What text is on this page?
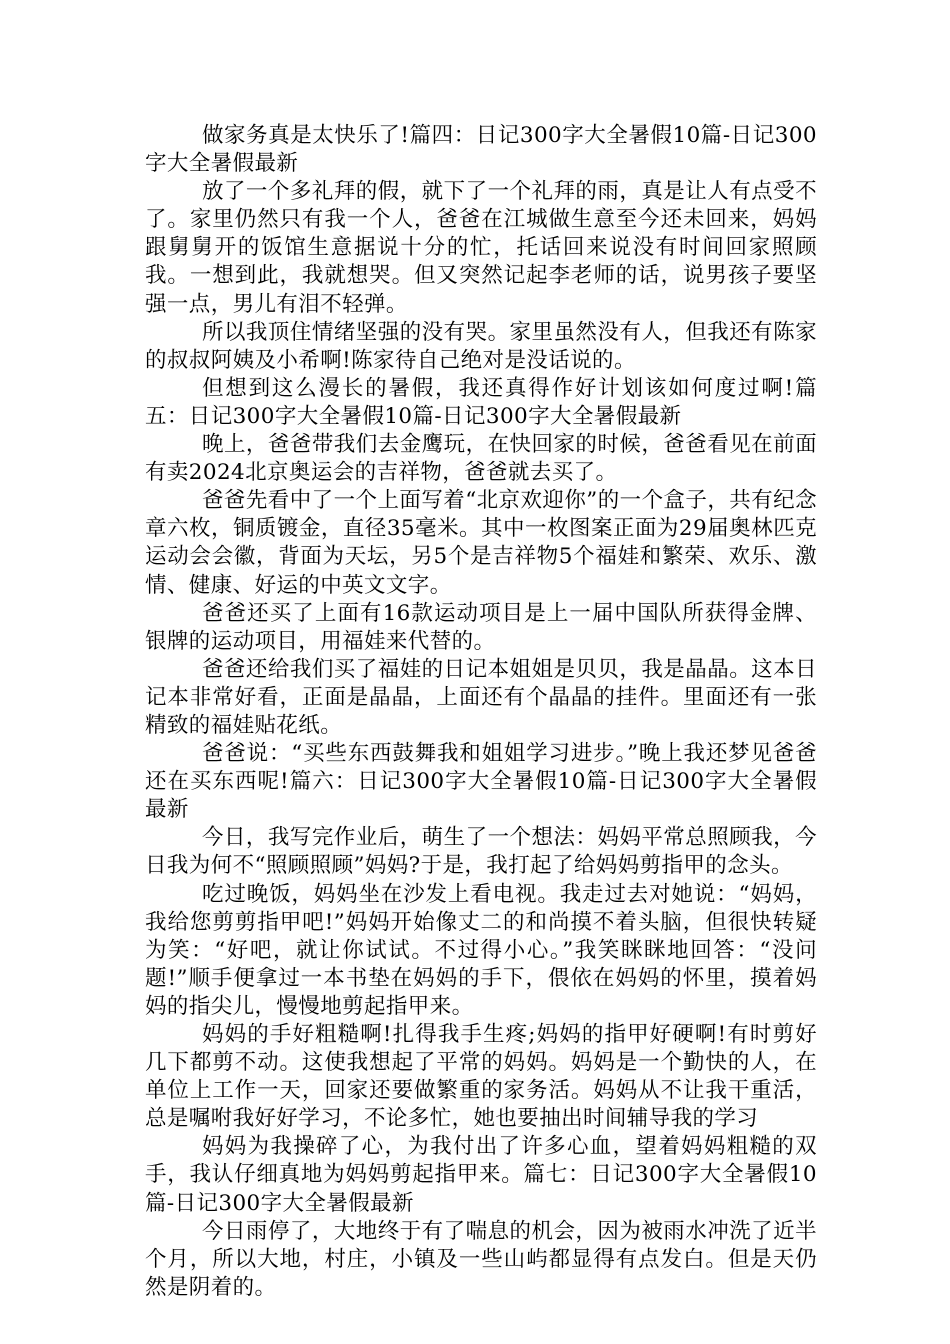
做家务真是太快乐了!篇四：日记300字大全暑假10篇-日记300字大全暑假最新

放了一个多礼拜的假，就下了一个礼拜的雨，真是让人有点受不了。家里仍然只有我一个人，爸爸在江城做生意至今还未回来，妈妈跟舅舅开的饭馆生意据说十分的忙，托话回来说没有时间回家照顾我。一想到此，我就想哭。但又突然记起李老师的话，说男孩子要坚强一点，男儿有泪不轻弹。

所以我顶住情绪坚强的没有哭。家里虽然没有人，但我还有陈家的叔叔阿姨及小希啊!陈家待自己绝对是没话说的。

但想到这么漫长的暑假，我还真得作好计划该如何度过啊!篇五：日记300字大全暑假10篇-日记300字大全暑假最新

晚上，爸爸带我们去金鹰玩，在快回家的时候，爸爸看见在前面有卖2024北京奥运会的吉祥物，爸爸就去买了。

爸爸先看中了一个上面写着“北京欢迎你”的一个盒子，共有纪念章六枚，铜质镀金，直径35毫米。其中一枚图案正面为29届奥林匹克运动会会徽，背面为天坛，另5个是吉祥物5个福娃和繁荣、欢乐、激情、健康、好运的中英文文字。

爸爸还买了上面有16款运动项目是上一届中国队所获得金牌、银牌的运动项目，用福娃来代替的。

爸爸还给我们买了福娃的日记本姐姐是贝贝，我是晶晶。这本日记本非常好看，正面是晶晶，上面还有个晶晶的挂件。里面还有一张精致的福娃贴花纸。

爸爸说：“买些东西鼓舞我和姐姐学习进步。”晚上我还梦见爸爸还在买东西呢!篇六：日记300字大全暑假10篇-日记300字大全暑假最新

今日，我写完作业后，萌生了一个想法：妈妈平常总照顾我，今日我为何不“照顾照顾”妈妈?于是，我打起了给妈妈剪指甲的念头。

吃过晚饭，妈妈坐在沙发上看电视。我走过去对她说：“妈妈，我给您剪剪指甲吧!”妈妈开始像丈二的和尚摸不着头脑，但很快转疑为笑：“好吧，就让你试试。不过得小心。”我笑眯眯地回答：“没问题!”顺手便拿过一本书垫在妈妈的手下，偎依在妈妈的怀里，摸着妈妈的指尖儿，慢慢地剪起指甲来。

妈妈的手好粗糙啊!扎得我手生疼;妈妈的指甲好硬啊!有时剪好几下都剪不动。这使我想起了平常的妈妈。妈妈是一个勤快的人，在单位上工作一天，回家还要做繁重的家务活。妈妈从不让我干重活，总是嘱咐我好好学习，不论多忙，她也要抽出时间辅导我的学习

妈妈为我操碎了心，为我付出了许多心血，望着妈妈粗糙的双手，我认仔细真地为妈妈剪起指甲来。篇七：日记300字大全暑假10篇-日记300字大全暑假最新

今日雨停了，大地终于有了喘息的机会，因为被雨水冲洗了近半个月，所以大地，村庄，小镇及一些山屿都显得有点发白。但是天仍然是阴着的。
